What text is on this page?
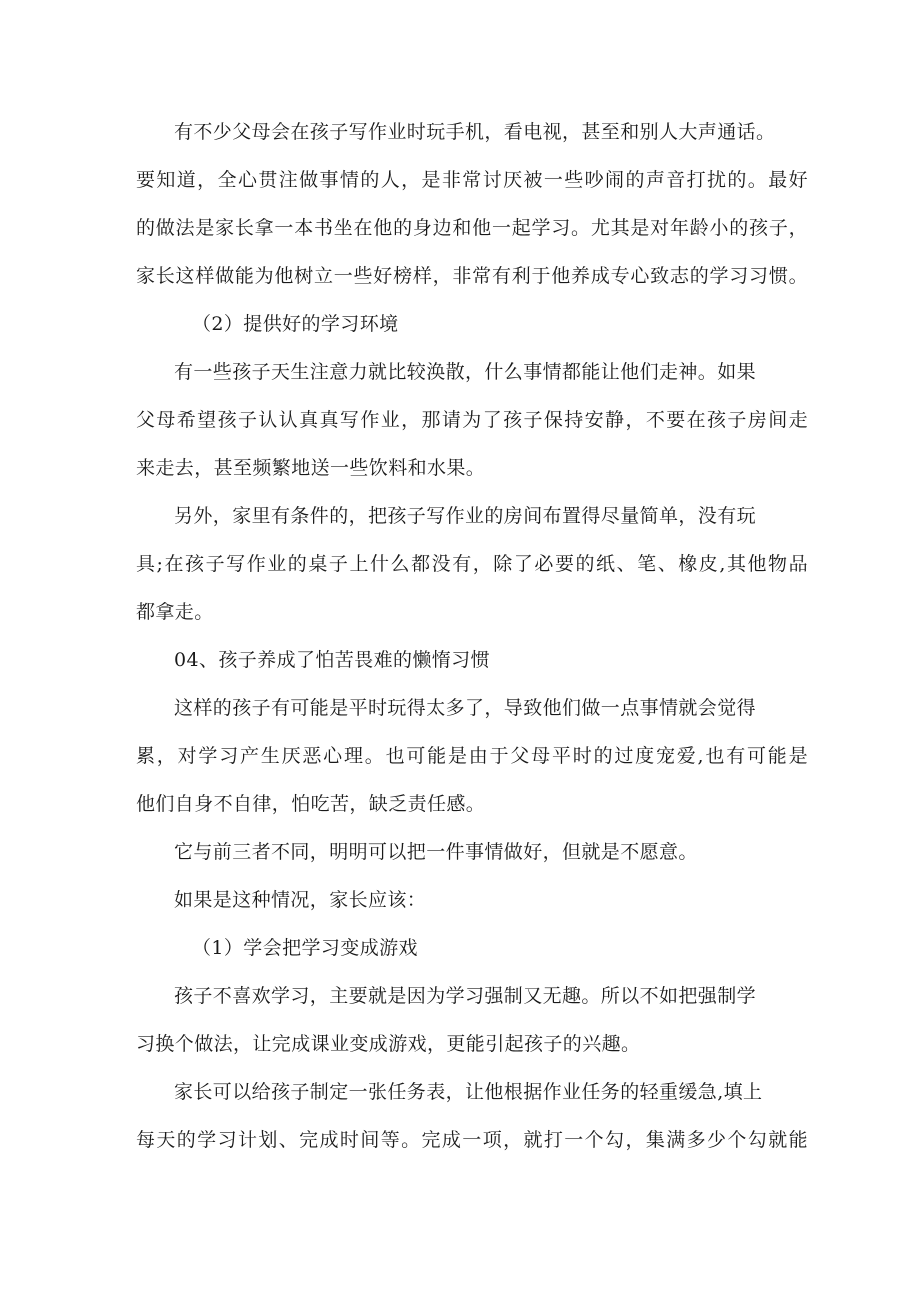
有不少父母会在孩子写作业时玩手机，看电视，甚至和别人大声通话。
要知道，全心贯注做事情的人，是非常讨厌被一些吵闹的声音打扰的。最好
的做法是家长拿一本书坐在他的身边和他一起学习。尤其是对年龄小的孩子，
家长这样做能为他树立一些好榜样，非常有利于他养成专心致志的学习习惯。
（2）提供好的学习环境
有一些孩子天生注意力就比较涣散，什么事情都能让他们走神。如果
父母希望孩子认认真真写作业，那请为了孩子保持安静，不要在孩子房间走
来走去，甚至频繁地送一些饮料和水果。
另外，家里有条件的，把孩子写作业的房间布置得尽量简单，没有玩
具;在孩子写作业的桌子上什么都没有，除了必要的纸、笔、橡皮,其他物品
都拿走。
04、孩子养成了怕苦畏难的懒惰习惯
这样的孩子有可能是平时玩得太多了，导致他们做一点事情就会觉得
累，对学习产生厌恶心理。也可能是由于父母平时的过度宠爱,也有可能是
他们自身不自律，怕吃苦，缺乏责任感。
它与前三者不同，明明可以把一件事情做好，但就是不愿意。
如果是这种情况，家长应该：
（1）学会把学习变成游戏
孩子不喜欢学习，主要就是因为学习强制又无趣。所以不如把强制学
习换个做法，让完成课业变成游戏，更能引起孩子的兴趣。
家长可以给孩子制定一张任务表，让他根据作业任务的轻重缓急,填上
每天的学习计划、完成时间等。完成一项，就打一个勾，集满多少个勾就能
